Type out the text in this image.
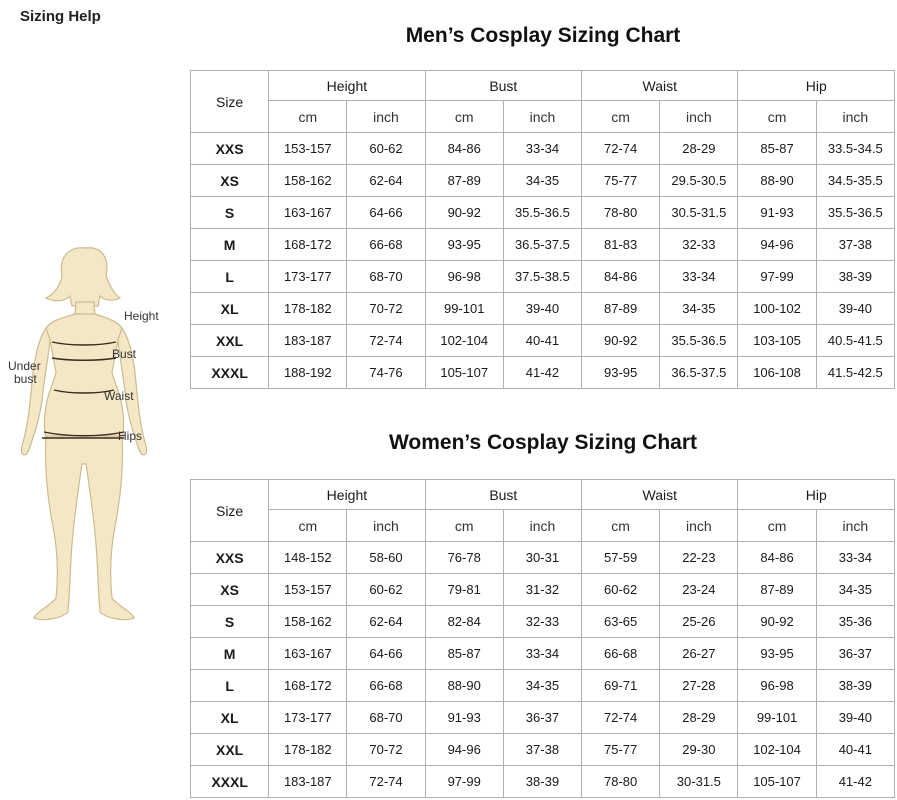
Sizing Help
Men’s Cosplay Sizing Chart
Women’s Cosplay Sizing Chart
Height
Bust
Under
bust
Waist
Hips
Size	Height		Bust		Waist		Hip	
	cm	inch	cm	inch	cm	inch	cm	inch
XXS	153-157	60-62	84-86	33-34	72-74	28-29	85-87	33.5-34.5
XS	158-162	62-64	87-89	34-35	75-77	29.5-30.5	88-90	34.5-35.5
S	163-167	64-66	90-92	35.5-36.5	78-80	30.5-31.5	91-93	35.5-36.5
M	168-172	66-68	93-95	36.5-37.5	81-83	32-33	94-96	37-38
L	173-177	68-70	96-98	37.5-38.5	84-86	33-34	97-99	38-39
XL	178-182	70-72	99-101	39-40	87-89	34-35	100-102	39-40
XXL	183-187	72-74	102-104	40-41	90-92	35.5-36.5	103-105	40.5-41.5
XXXL	188-192	74-76	105-107	41-42	93-95	36.5-37.5	106-108	41.5-42.5
Size	Height		Bust		Waist		Hip	
	cm	inch	cm	inch	cm	inch	cm	inch
XXS	148-152	58-60	76-78	30-31	57-59	22-23	84-86	33-34
XS	153-157	60-62	79-81	31-32	60-62	23-24	87-89	34-35
S	158-162	62-64	82-84	32-33	63-65	25-26	90-92	35-36
M	163-167	64-66	85-87	33-34	66-68	26-27	93-95	36-37
L	168-172	66-68	88-90	34-35	69-71	27-28	96-98	38-39
XL	173-177	68-70	91-93	36-37	72-74	28-29	99-101	39-40
XXL	178-182	70-72	94-96	37-38	75-77	29-30	102-104	40-41
XXXL	183-187	72-74	97-99	38-39	78-80	30-31.5	105-107	41-42
